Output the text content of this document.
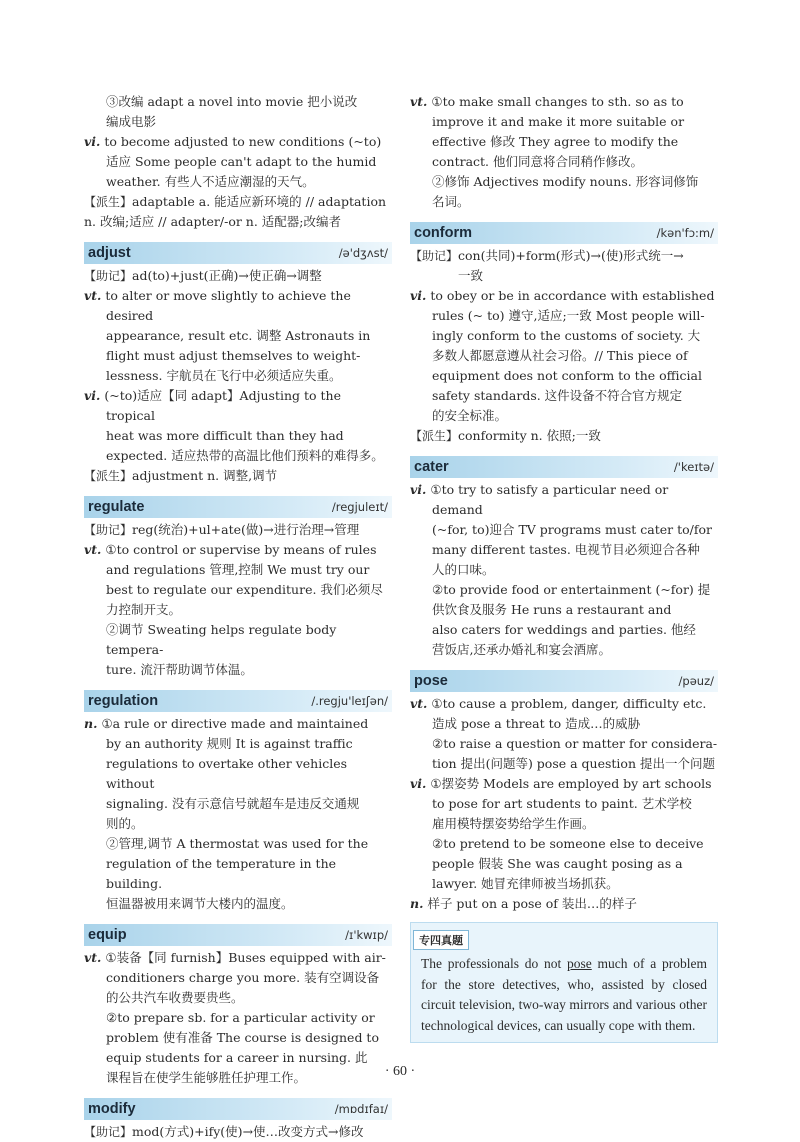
③改编 adapt a novel into movie 把小说改
编成电影

vi. to become adjusted to new conditions (~to)
适应 Some people can't adapt to the humid
weather. 有些人不适应潮湿的天气。

【派生】adaptable a. 能适应新环境的 // adaptation
n. 改编;适应 // adapter/-or n. 适配器;改编者

adjust	/ə'dʒʌst/

【助记】ad(to)+just(正确)→使正确→调整

vt. to alter or move slightly to achieve the desired
appearance, result etc. 调整 Astronauts in
flight must adjust themselves to weight-
lessness. 宇航员在飞行中必须适应失重。

vi. (~to)适应【同 adapt】Adjusting to the tropical
heat was more difficult than they had
expected. 适应热带的高温比他们预料的难得多。

【派生】adjustment n. 调整,调节

regulate	/regjuleɪt/

【助记】reg(统治)+ul+ate(做)→进行治理→管理

vt. ①to control or supervise by means of rules
and regulations 管理,控制 We must try our
best to regulate our expenditure. 我们必须尽
力控制开支。

②调节 Sweating helps regulate body tempera-
ture. 流汗帮助调节体温。

regulation	/.regju'leɪʃən/

n. ①a rule or directive made and maintained
by an authority 规则 It is against traffic
regulations to overtake other vehicles without
signaling. 没有示意信号就超车是违反交通规
则的。

②管理,调节 A thermostat was used for the
regulation of the temperature in the building.
恒温器被用来调节大楼内的温度。

equip	/ɪ'kwɪp/

vt. ①装备【同 furnish】Buses equipped with air-
conditioners charge you more. 装有空调设备
的公共汽车收费要贵些。

②to prepare sb. for a particular activity or
problem 使有准备 The course is designed to
equip students for a career in nursing. 此
课程旨在使学生能够胜任护理工作。

modify	/mɒdɪfaɪ/

【助记】mod(方式)+ify(使)→使…改变方式→修改

vt. ①to make small changes to sth. so as to
improve it and make it more suitable or
effective 修改 They agree to modify the
contract. 他们同意将合同稍作修改。

②修饰 Adjectives modify nouns. 形容词修饰
名词。

conform	/kən'fɔ:m/

【助记】con(共同)+form(形式)→(使)形式统一→
一致

vi. to obey or be in accordance with established
rules (~ to) 遵守,适应;一致 Most people will-
ingly conform to the customs of society. 大
多数人都愿意遵从社会习俗。// This piece of
equipment does not conform to the official
safety standards. 这件设备不符合官方规定
的安全标准。

【派生】conformity n. 依照;一致

cater	/'keɪtə/

vi. ①to try to satisfy a particular need or demand
(~for, to)迎合 TV programs must cater to/for
many different tastes. 电视节目必须迎合各种
人的口味。

②to provide food or entertainment (~for) 提
供饮食及服务 He runs a restaurant and
also caters for weddings and parties. 他经
营饭店,还承办婚礼和宴会酒席。

pose	/pəuz/

vt. ①to cause a problem, danger, difficulty etc.
造成 pose a threat to 造成…的威胁

②to raise a question or matter for considera-
tion 提出(问题等) pose a question 提出一个问题

vi. ①摆姿势 Models are employed by art schools
to pose for art students to paint. 艺术学校
雇用模特摆姿势给学生作画。

②to pretend to be someone else to deceive
people 假装 She was caught posing as a
lawyer. 她冒充律师被当场抓获。

n. 样子 put on a pose of 装出…的样子

专四真题
The professionals do not pose much of a problem for the store detectives, who, assisted by closed circuit television, two-way mirrors and various other technological devices, can usually cope with them.
· 60 ·
